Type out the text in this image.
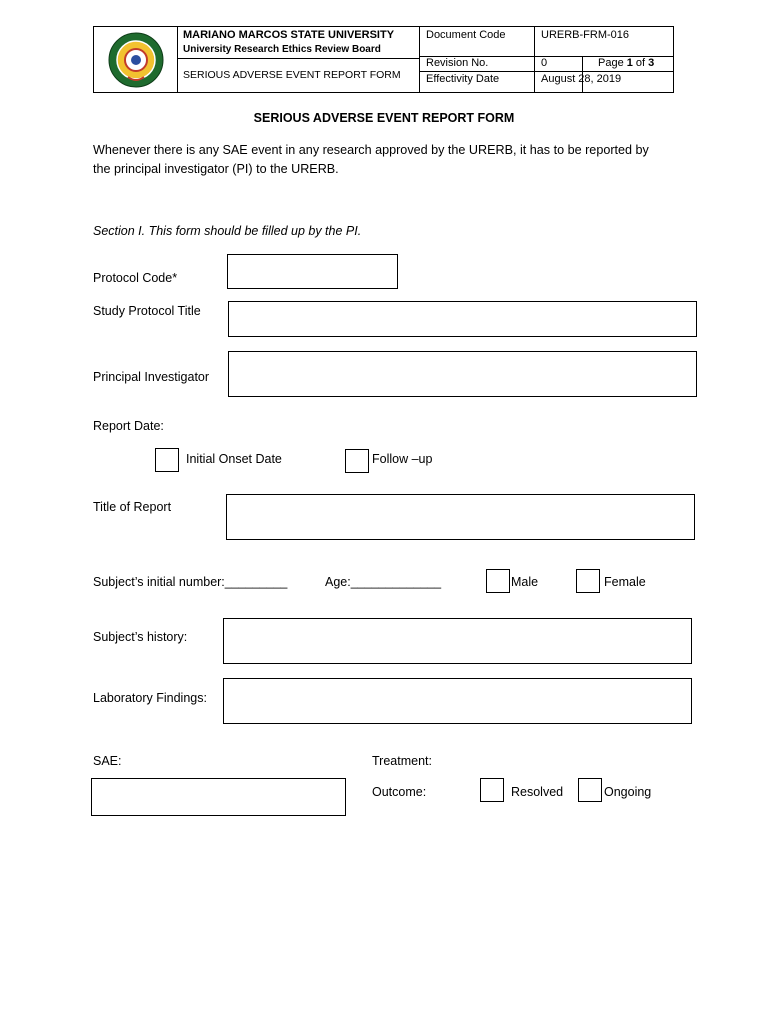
MARIANO MARCOS STATE UNIVERSITY
University Research Ethics Review Board
SERIOUS ADVERSE EVENT REPORT FORM
Document Code	URERB-FRM-016
Revision No.	0	Page 1 of 3
Effectivity Date	August 28, 2019
SERIOUS ADVERSE EVENT REPORT FORM
Whenever there is any SAE event in any research approved by the URERB, it has to be reported by
the principal investigator (PI) to the URERB.
Section I. This form should be filled up by the PI.
Protocol Code*
Study Protocol Title
Principal Investigator
Report Date:
Initial Onset Date	Follow –up
Title of Report
Subject’s initial number:_________	Age:_____________	Male	Female
Subject’s history:
Laboratory Findings:
SAE:	Treatment:
Outcome:	Resolved	Ongoing
